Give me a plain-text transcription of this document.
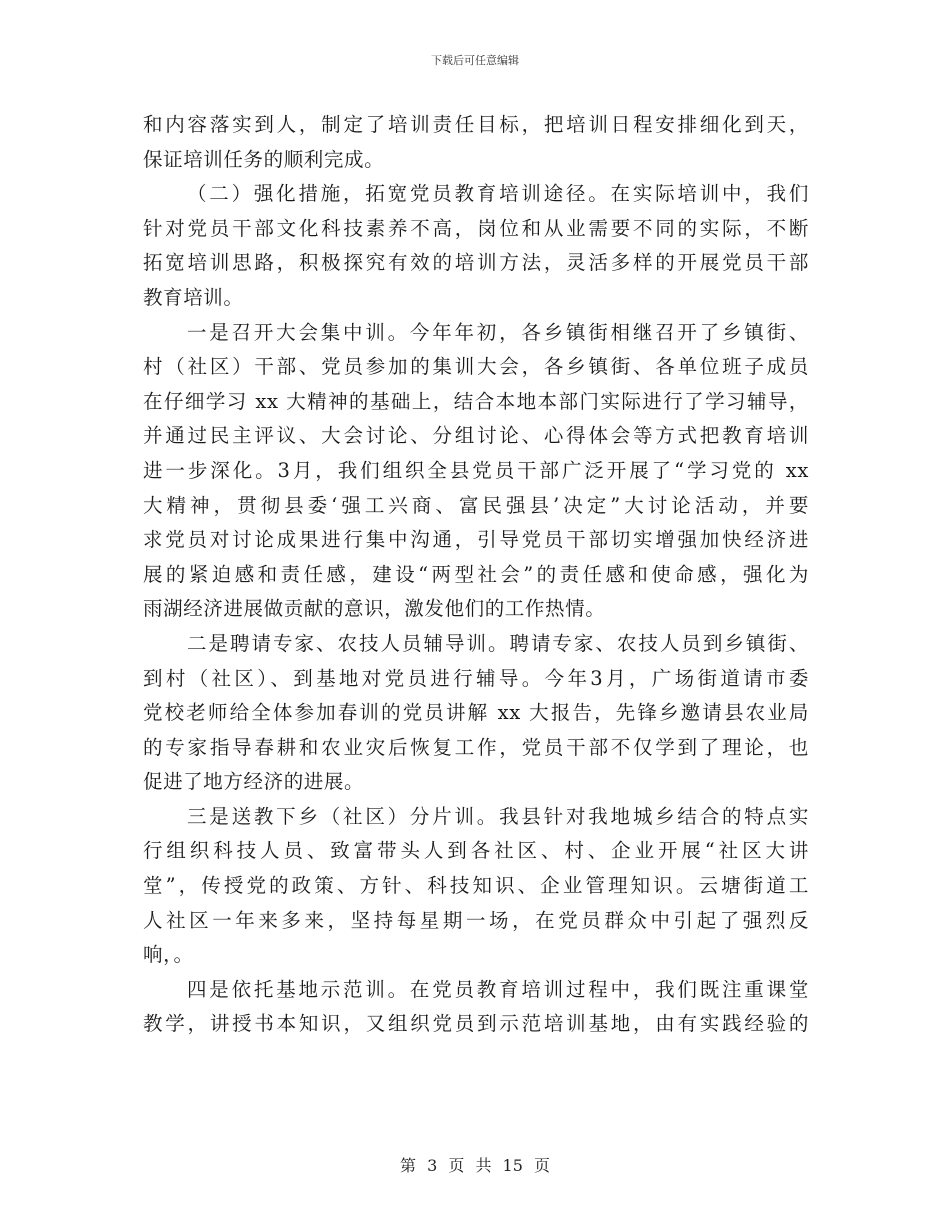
下载后可任意编辑
和内容落实到人，制定了培训责任目标，把培训日程安排细化到天，
保证培训任务的顺利完成。
（二）强化措施，拓宽党员教育培训途径。在实际培训中，我们
针对党员干部文化科技素养不高，岗位和从业需要不同的实际，不断
拓宽培训思路，积极探究有效的培训方法，灵活多样的开展党员干部
教育培训。
一是召开大会集中训。今年年初，各乡镇街相继召开了乡镇街、
村（社区）干部、党员参加的集训大会，各乡镇街、各单位班子成员
在仔细学习 xx 大精神的基础上，结合本地本部门实际进行了学习辅导，
并通过民主评议、大会讨论、分组讨论、心得体会等方式把教育培训
进一步深化。3月，我们组织全县党员干部广泛开展了“学习党的 xx
大精神，贯彻县委‘强工兴商、富民强县’决定”大讨论活动，并要
求党员对讨论成果进行集中沟通，引导党员干部切实增强加快经济进
展的紧迫感和责任感，建设“两型社会”的责任感和使命感，强化为
雨湖经济进展做贡献的意识，激发他们的工作热情。
二是聘请专家、农技人员辅导训。聘请专家、农技人员到乡镇街、
到村（社区）、到基地对党员进行辅导。今年3月，广场街道请市委
党校老师给全体参加春训的党员讲解 xx 大报告，先锋乡邀请县农业局
的专家指导春耕和农业灾后恢复工作，党员干部不仅学到了理论，也
促进了地方经济的进展。
三是送教下乡（社区）分片训。我县针对我地城乡结合的特点实
行组织科技人员、致富带头人到各社区、村、企业开展“社区大讲
堂”，传授党的政策、方针、科技知识、企业管理知识。云塘街道工
人社区一年来多来，坚持每星期一场，在党员群众中引起了强烈反
响，。
四是依托基地示范训。在党员教育培训过程中，我们既注重课堂
教学，讲授书本知识，又组织党员到示范培训基地，由有实践经验的
第 3 页 共 15 页
